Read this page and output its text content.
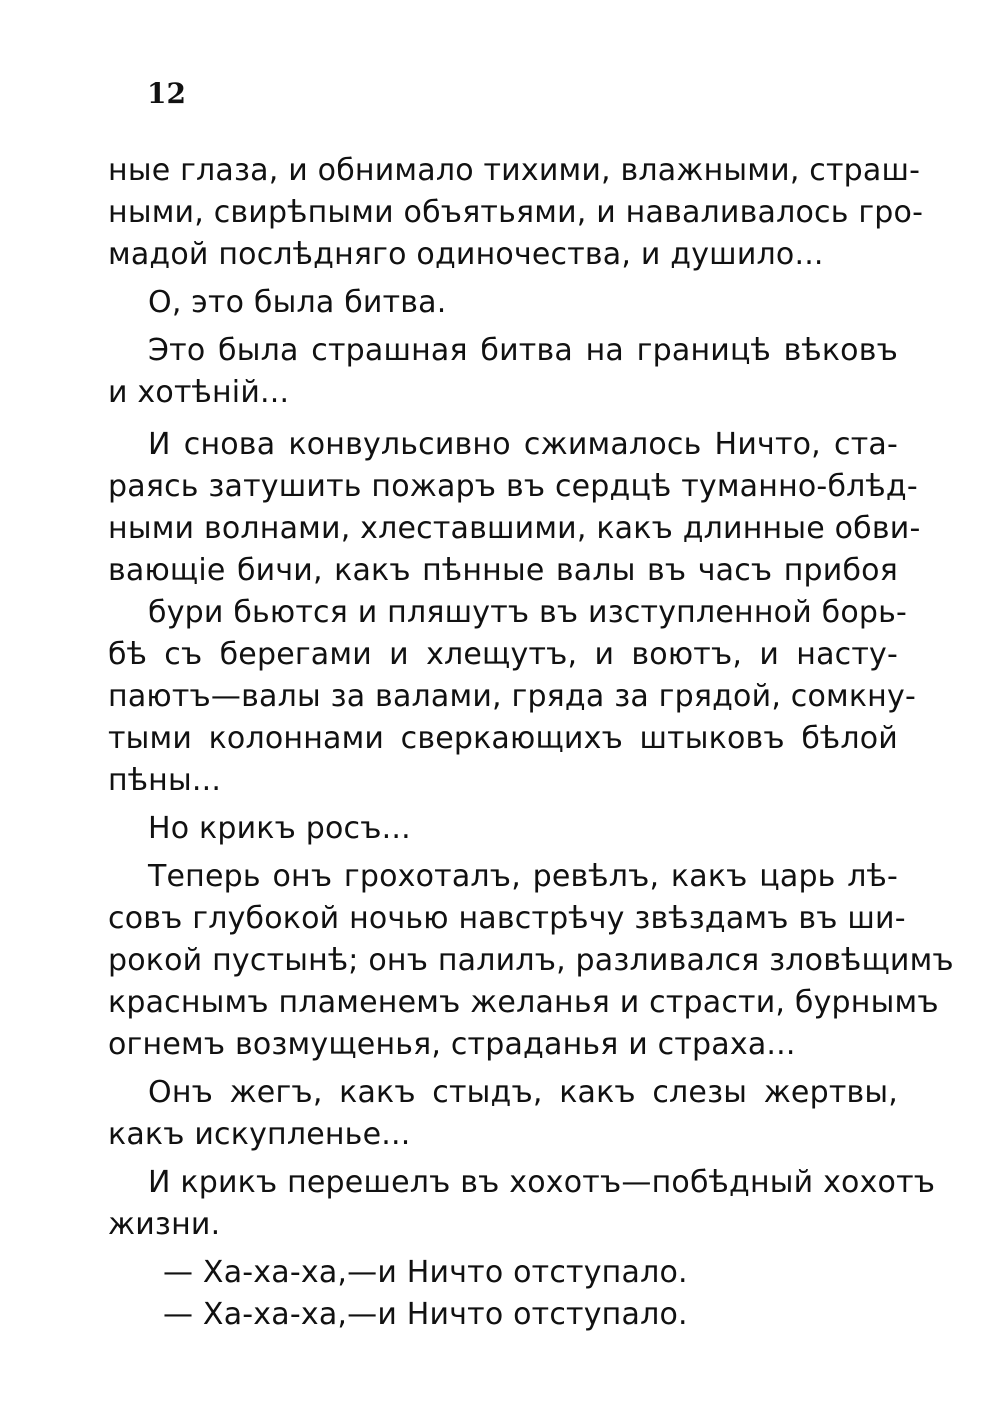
12
ные глаза, и обнимало тихими, влажными, страш-
ными, свирѣпыми объятьями, и наваливалось гро-
мадой послѣдняго одиночества, и душило...
О, это была битва.
Это была страшная битва на границѣ вѣковъ
и хотѣній...
И снова конвульсивно сжималось Ничто, ста-
раясь затушить пожаръ въ сердцѣ туманно-блѣд-
ными волнами, хлеставшими, какъ длинные обви-
вающіе бичи, какъ пѣнные валы въ часъ прибоя
бури бьются и пляшутъ въ изступленной борь-
бѣ съ берегами и хлещутъ, и воютъ, и насту-
паютъ—валы за валами, гряда за грядой, сомкну-
тыми колоннами сверкающихъ штыковъ бѣлой
пѣны...
Но крикъ росъ...
Теперь онъ грохоталъ, ревѣлъ, какъ царь лѣ-
совъ глубокой ночью навстрѣчу звѣздамъ въ ши-
рокой пустынѣ; онъ палилъ, разливался зловѣщимъ
краснымъ пламенемъ желанья и страсти, бурнымъ
огнемъ возмущенья, страданья и страха...
Онъ жегъ, какъ стыдъ, какъ слезы жертвы,
какъ искупленье...
И крикъ перешелъ въ хохотъ—побѣдный хохотъ
жизни.
— Ха-ха-ха,—и Ничто отступало.
— Ха-ха-ха,—и Ничто отступало.
